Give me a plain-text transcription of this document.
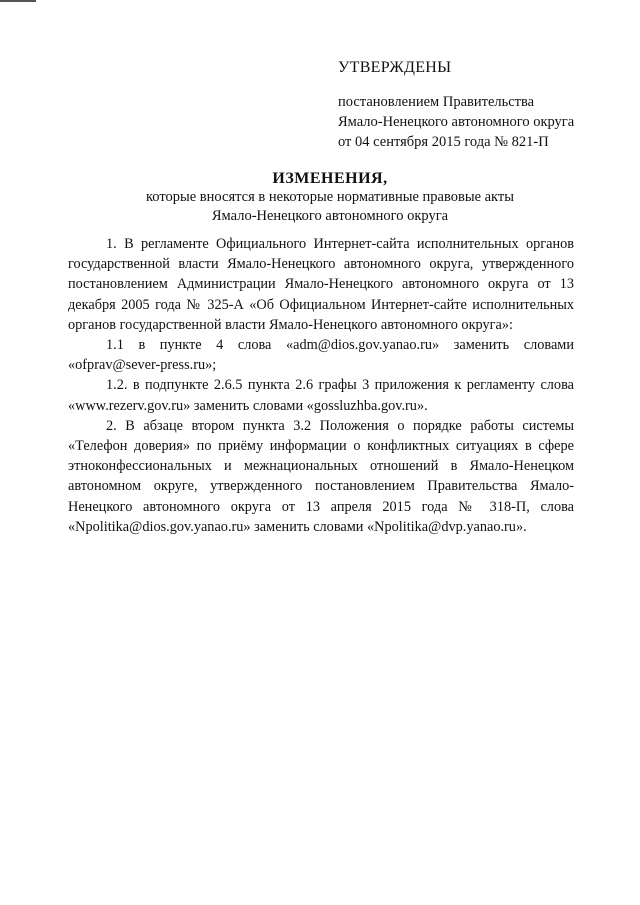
УТВЕРЖДЕНЫ
постановлением Правительства
Ямало-Ненецкого автономного округа
от 04 сентября 2015 года № 821-П
ИЗМЕНЕНИЯ,
которые вносятся в некоторые нормативные правовые акты
Ямало-Ненецкого автономного округа

1. В регламенте Официального Интернет-сайта исполнительных органов государственной власти Ямало-Ненецкого автономного округа, утвержденного постановлением Администрации Ямало-Ненецкого автономного округа от 13 декабря 2005 года № 325-А «Об Официальном Интернет-сайте исполнительных органов государственной власти Ямало-Ненецкого автономного округа»:

1.1 в пункте 4 слова «adm@dios.gov.yanao.ru» заменить словами «ofprav@sever-press.ru»;

1.2. в подпункте 2.6.5 пункта 2.6 графы 3 приложения к регламенту слова «www.rezerv.gov.ru» заменить словами «gossluzhba.gov.ru».

2. В абзаце втором пункта 3.2 Положения о порядке работы системы «Телефон доверия» по приёму информации о конфликтных ситуациях в сфере этноконфессиональных и межнациональных отношений в Ямало-Ненецком автономном округе, утвержденного постановлением Правительства Ямало-Ненецкого автономного округа от 13 апреля 2015 года № 318-П, слова «Npolitika@dios.gov.yanao.ru» заменить словами «Npolitika@dvp.yanao.ru».
